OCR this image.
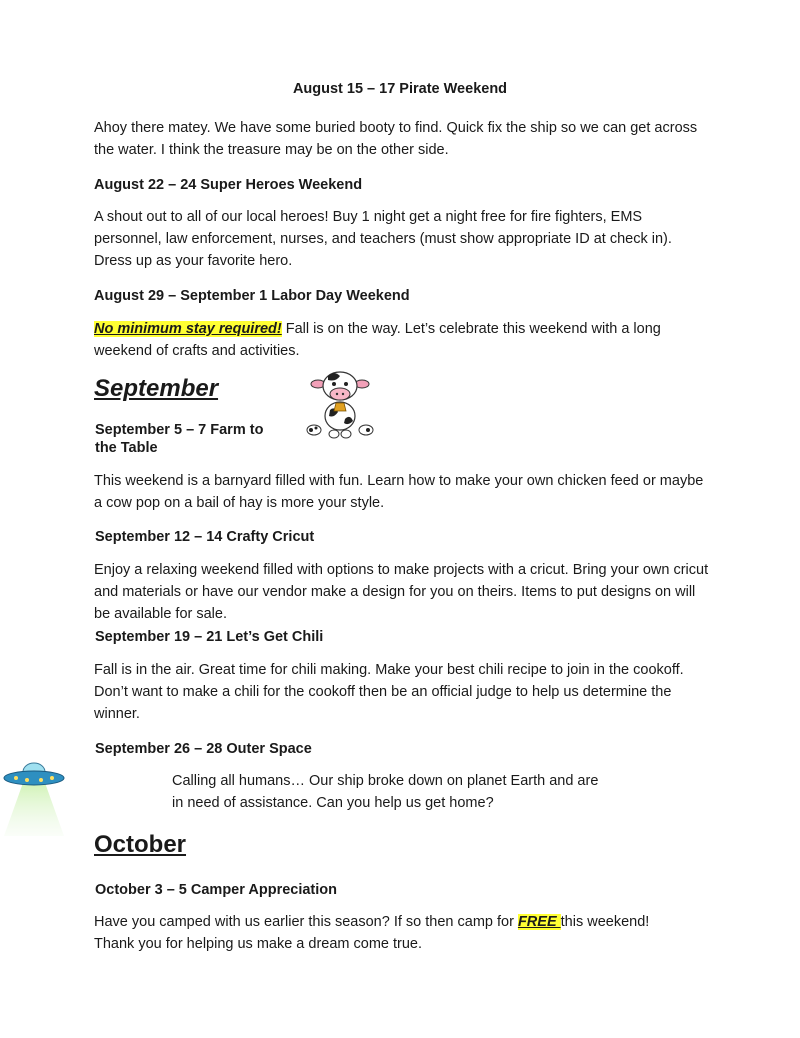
August 15 – 17 Pirate Weekend
Ahoy there matey. We have some buried booty to find. Quick fix the ship so we can get across the water. I think the treasure may be on the other side.
August 22 – 24 Super Heroes Weekend
A shout out to all of our local heroes! Buy 1 night get a night free for fire fighters, EMS personnel, law enforcement, nurses, and teachers (must show appropriate ID at check in). Dress up as your favorite hero.
August 29 – September 1 Labor Day Weekend
No minimum stay required! Fall is on the way. Let’s celebrate this weekend with a long weekend of crafts and activities.
September
September 5 – 7 Farm to
the Table
This weekend is a barnyard filled with fun. Learn how to make your own chicken feed or maybe a cow pop on a bail of hay is more your style.
September 12 – 14 Crafty Cricut
Enjoy a relaxing weekend filled with options to make projects with a cricut. Bring your own cricut and materials or have our vendor make a design for you on theirs. Items to put designs on will be available for sale.
September 19 – 21 Let’s Get Chili
Fall is in the air. Great time for chili making. Make your best chili recipe to join in the cookoff. Don’t want to make a chili for the cookoff then be an official judge to help us determine the winner.
September 26 – 28 Outer Space
Calling all humans… Our ship broke down on planet Earth and are
in need of assistance. Can you help us get home?
October
October 3 – 5 Camper Appreciation
Have you camped with us earlier this season? If so then camp for FREE this weekend! Thank you for helping us make a dream come true.
